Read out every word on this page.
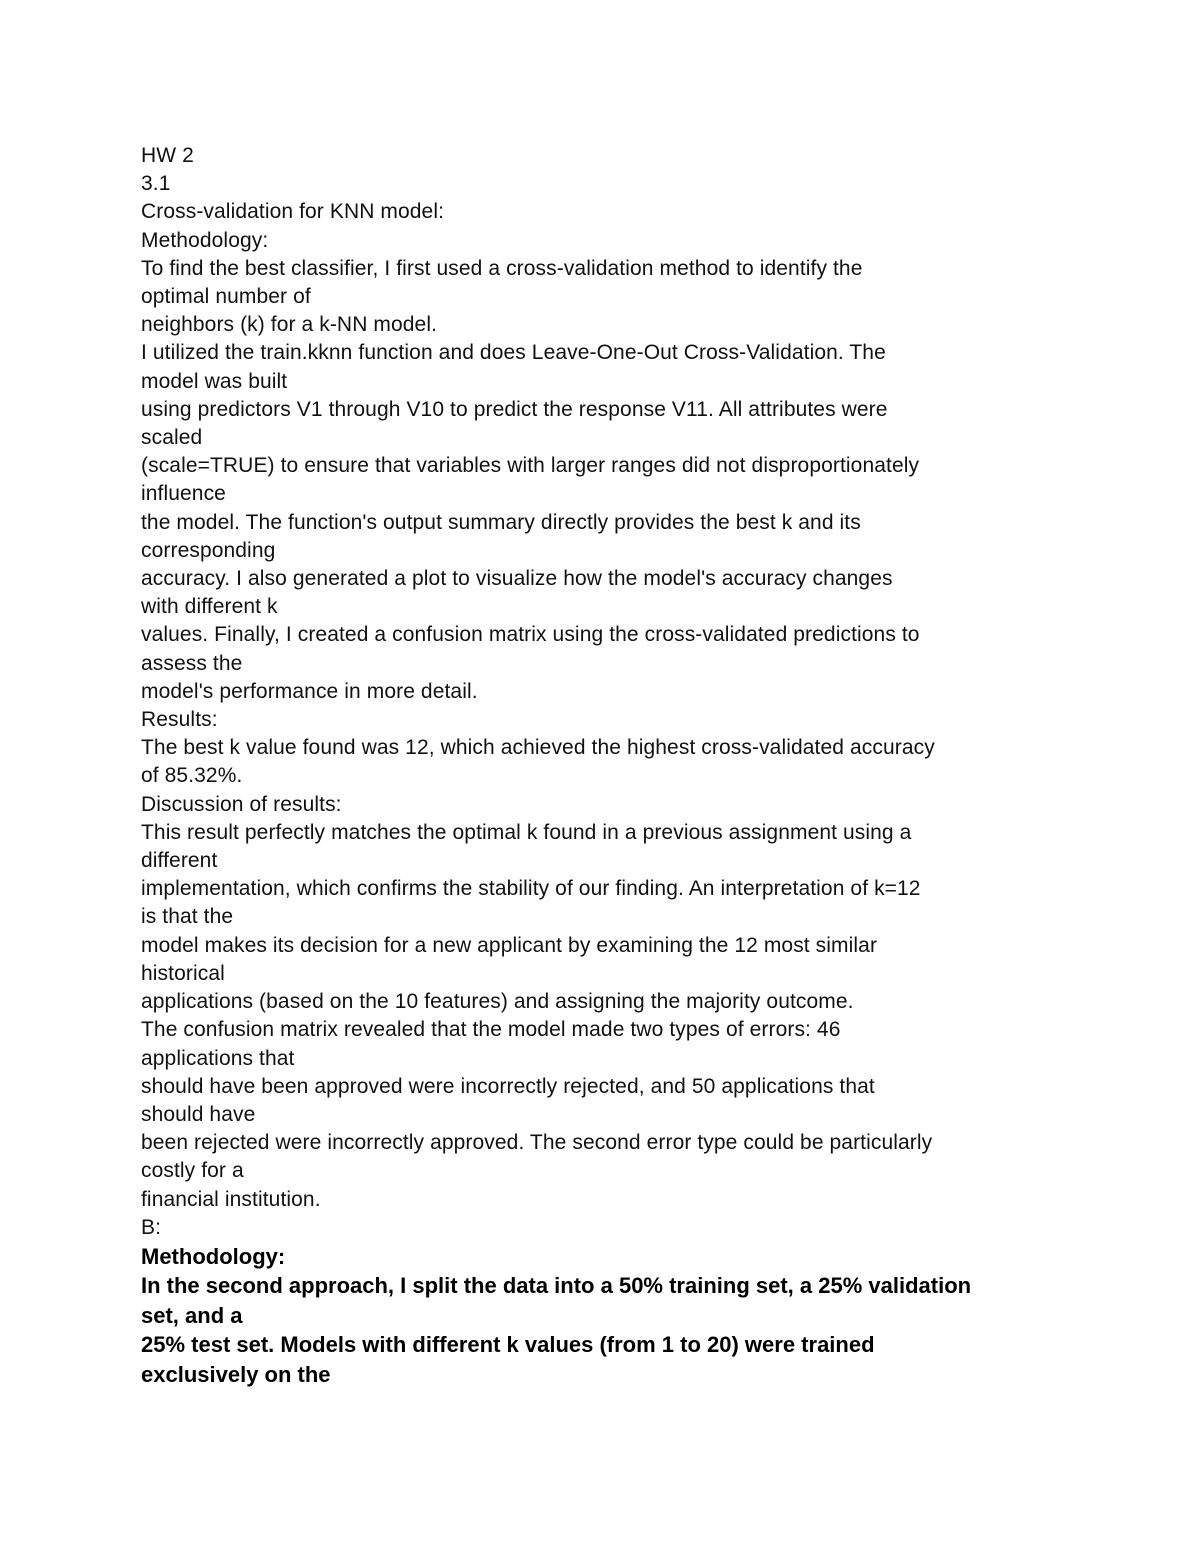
HW 2
3.1
Cross-validation for KNN model:
Methodology:
To find the best classifier, I first used a cross-validation method to identify the
optimal number of
neighbors (k) for a k-NN model.
I utilized the train.kknn function and does Leave-One-Out Cross-Validation. The
model was built
using predictors V1 through V10 to predict the response V11. All attributes were
scaled
(scale=TRUE) to ensure that variables with larger ranges did not disproportionately
influence
the model. The function's output summary directly provides the best k and its
corresponding
accuracy. I also generated a plot to visualize how the model's accuracy changes
with different k
values. Finally, I created a confusion matrix using the cross-validated predictions to
assess the
model's performance in more detail.
Results:
The best k value found was 12, which achieved the highest cross-validated accuracy
of 85.32%.
Discussion of results:
This result perfectly matches the optimal k found in a previous assignment using a
different
implementation, which confirms the stability of our finding. An interpretation of k=12
is that the
model makes its decision for a new applicant by examining the 12 most similar
historical
applications (based on the 10 features) and assigning the majority outcome.
The confusion matrix revealed that the model made two types of errors: 46
applications that
should have been approved were incorrectly rejected, and 50 applications that
should have
been rejected were incorrectly approved. The second error type could be particularly
costly for a
financial institution.
B:
Methodology:
In the second approach, I split the data into a 50% training set, a 25% validation
set, and a
25% test set. Models with different k values (from 1 to 20) were trained
exclusively on the
